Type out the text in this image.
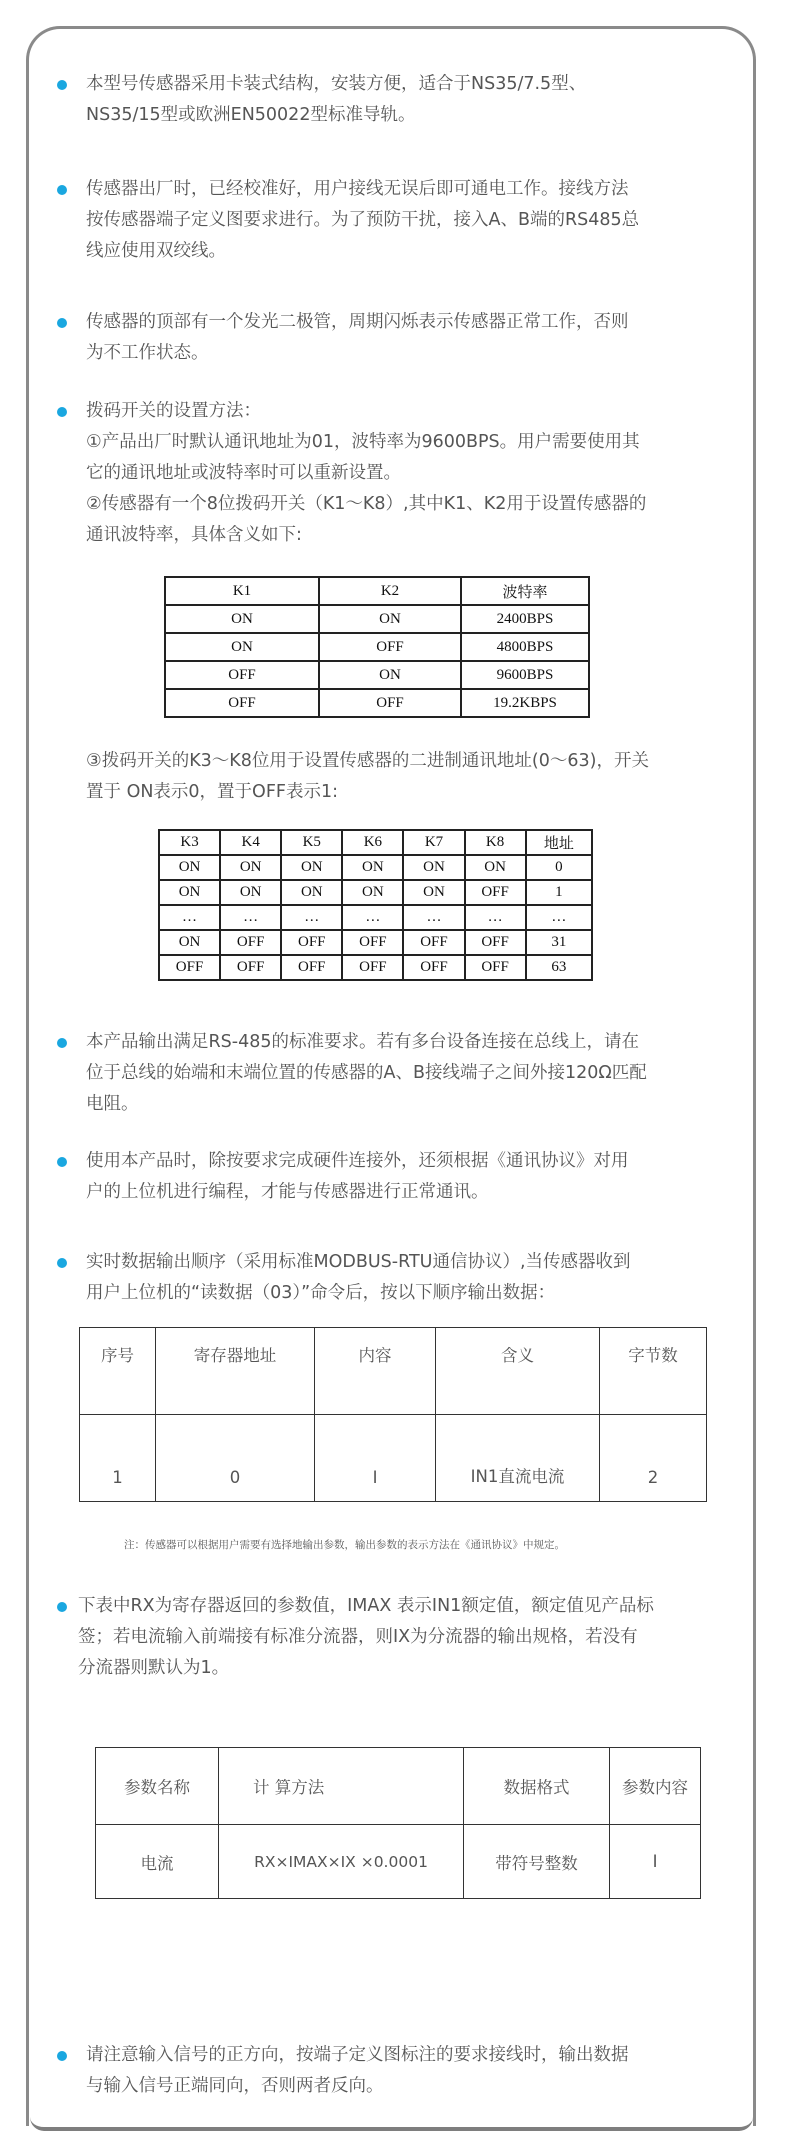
本型号传感器采用卡装式结构，安装方便，适合于NS35/7.5型、
NS35/15型或欧洲EN50022型标准导轨。
传感器出厂时，已经校准好，用户接线无误后即可通电工作。接线方法
按传感器端子定义图要求进行。为了预防干扰，接入A、B端的RS485总
线应使用双绞线。
传感器的顶部有一个发光二极管，周期闪烁表示传感器正常工作，否则
为不工作状态。
拨码开关的设置方法：
①产品出厂时默认通讯地址为01，波特率为9600BPS。用户需要使用其
它的通讯地址或波特率时可以重新设置。
②传感器有一个8位拨码开关（K1～K8）,其中K1、K2用于设置传感器的
通讯波特率，具体含义如下:
K1	K2	波特率
ON	ON	2400BPS
ON	OFF	4800BPS
OFF	ON	9600BPS
OFF	OFF	19.2KBPS
③拨码开关的K3～K8位用于设置传感器的二进制通讯地址(0～63)，开关
置于 ON表示0，置于OFF表示1:
K3	K4	K5	K6	K7	K8	地址
ON	ON	ON	ON	ON	ON	0
ON	ON	ON	ON	ON	OFF	1
…	…	…	…	…	…	…
ON	OFF	OFF	OFF	OFF	OFF	31
OFF	OFF	OFF	OFF	OFF	OFF	63
本产品输出满足RS-485的标准要求。若有多台设备连接在总线上，请在
位于总线的始端和末端位置的传感器的A、B接线端子之间外接120Ω匹配
电阻。
使用本产品时，除按要求完成硬件连接外，还须根据《通讯协议》对用
户的上位机进行编程，才能与传感器进行正常通讯。
实时数据输出顺序（采用标准MODBUS-RTU通信协议）,当传感器收到
用户上位机的“读数据（03）”命令后，按以下顺序输出数据：
序号	寄存器地址	内容	含义	字节数
1	0	I	IN1直流电流	2
注：传感器可以根据用户需要有选择地输出参数，输出参数的表示方法在《通讯协议》中规定。
下表中RX为寄存器返回的参数值，IMAX 表示IN1额定值，额定值见产品标
签；若电流输入前端接有标准分流器，则IX为分流器的输出规格，若没有
分流器则默认为1。
参数名称	计 算方法	数据格式	参数内容
电流	RX×IMAX×IX ×0.0001	带符号整数	I
请注意输入信号的正方向，按端子定义图标注的要求接线时，输出数据
与输入信号正端同向，否则两者反向。
